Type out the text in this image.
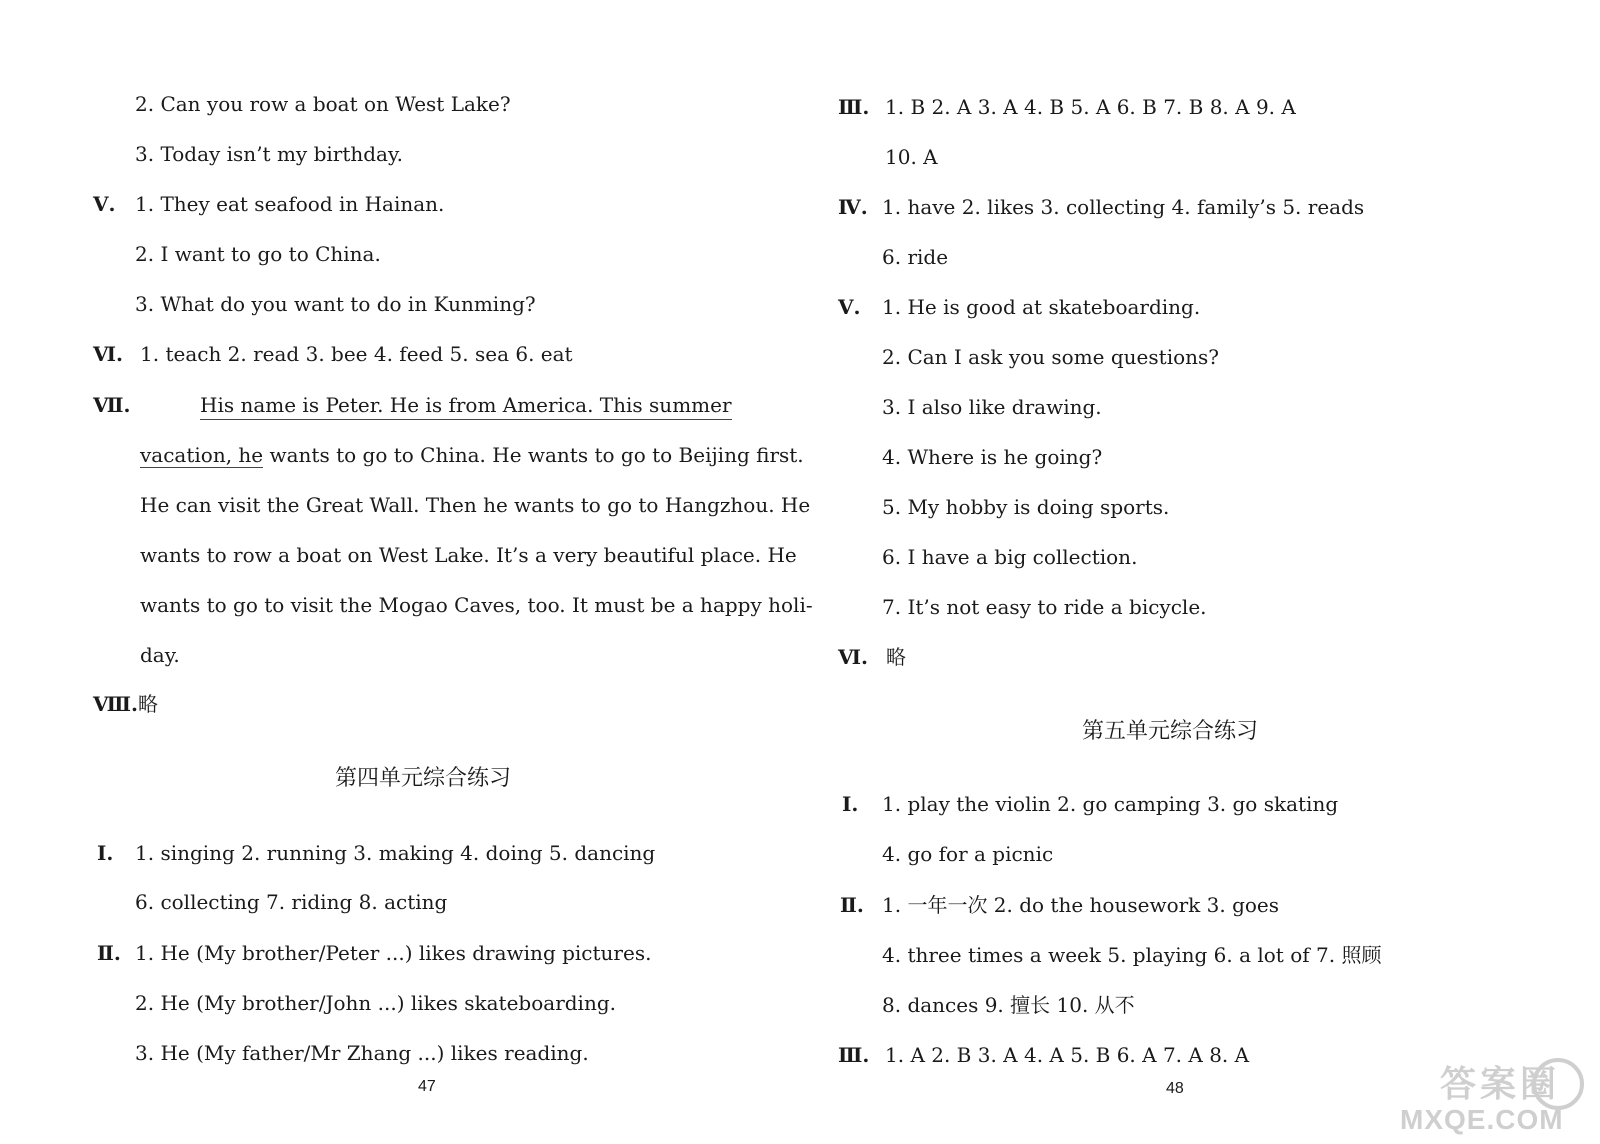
2. Can you row a boat on West Lake?
3. Today isn’t my birthday.
Ⅴ. 1. They eat seafood in Hainan.
2. I want to go to China.
3. What do you want to do in Kunming?
Ⅵ. 1. teach 2. read 3. bee 4. feed 5. sea 6. eat
Ⅶ.	His name is Peter. He is from America. This summer
vacation, he wants to go to China. He wants to go to Beijing first.
He can visit the Great Wall. Then he wants to go to Hangzhou. He
wants to row a boat on West Lake. It’s a very beautiful place. He
wants to go to visit the Mogao Caves, too. It must be a happy holi-
day.
Ⅷ. 略
第四单元综合练习
Ⅰ. 1. singing 2. running 3. making 4. doing 5. dancing
6. collecting 7. riding 8. acting
Ⅱ. 1. He (My brother/Peter ...) likes drawing pictures.
2. He (My brother/John ...) likes skateboarding.
3. He (My father/Mr Zhang ...) likes reading.
47
Ⅲ. 1. B 2. A 3. A 4. B 5. A 6. B 7. B 8. A 9. A
10. A
Ⅳ. 1. have 2. likes 3. collecting 4. family’s 5. reads
6. ride
Ⅴ. 1. He is good at skateboarding.
2. Can I ask you some questions?
3. I also like drawing.
4. Where is he going?
5. My hobby is doing sports.
6. I have a big collection.
7. It’s not easy to ride a bicycle.
Ⅵ. 略
第五单元综合练习
Ⅰ. 1. play the violin 2. go camping 3. go skating
4. go for a picnic
Ⅱ. 1. 一年一次 2. do the housework 3. goes
4. three times a week 5. playing 6. a lot of 7. 照顾
8. dances 9. 擅长 10. 从不
Ⅲ. 1. A 2. B 3. A 4. A 5. B 6. A 7. A 8. A
48	答案圈
MXQE.COM
